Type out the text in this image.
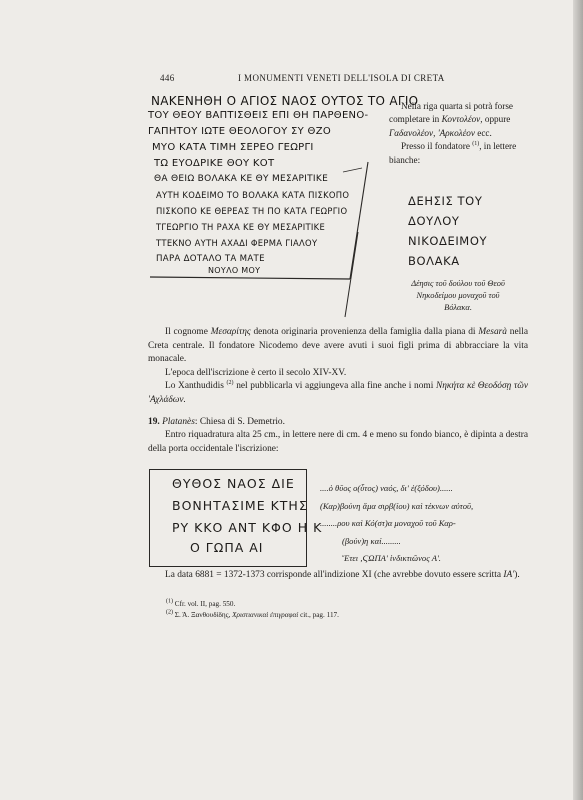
446	I MONUMENTI VENETI DELL'ISOLA DI CRETA
ΝΑΚΕΝΗΘΗ Ο ΑΓΙΟΣ ΝΑΟΣ ΟΥΤΟΣ ΤΟ ΑΓΙΟ
ΤΟΥ ΘΕΟΥ ΒΑΠΤΙΣΘΕΙΣ ΕΠΙ ΘΗ ΠΑΡΘΕΝΟ-
ΓΑΠΗΤΟΥ ΙΩΤΕ ΘΕΟΛΟΓΟΥ ΣΥ ΘΖΟ
ΜΥΟ ΚΑΤΑ ΤΙΜΗ ΣΕΡΕΟ ΓΕΩΡΓΙ
ΤΩ ΕΥΟΔΡΙΚΕ ΘΟΥ ΚΟΤ
ΘΑ ΘΕΙΩ ΒΟΛΑΚΑ ΚΕ ΘΥ ΜΕΣΑΡΙΤΙΚΕ
ΑΥΤΗ ΚΟΔΕΙΜΟ ΤΟ ΒΟΛΑΚΑ ΚΑΤΑ ΠΙΣΚΟΠΟ
ΠΙΣΚΟΠΟ ΚΕ ΘΕΡΕΑΣ ΤΗ ΠΟ ΚΑΤΑ ΓΕΩΡΓΙΟ
ΤΓΕΩΡΓΙΟ ΤΗ ΡΑΧΑ ΚΕ ΘΥ ΜΕΣΑΡΙΤΙΚΕ
ΤΤΕΚΝΟ ΑΥΤΗ ΑΧΑΔΙ ΦΕΡΜΑ ΓΙΑΛΟΥ
ΠΑΡΑ ΔΟΤΑΛΟ ΤΑ ΜΑΤΕ
ΝΟΥΛΟ ΜΟΥ

Nella riga quarta si potrà forse completare in Κοντολέον, oppure Γαδανολέον, 'Αρκολέον ecc.

Presso il fondatore $^{(1)}$, in lettere bianche:

ΔΕΗΣΙΣ ΤΟΥ
ΔΟΥΛΟΥ
ΝΙΚΟΔΕΙΜΟΥ
ΒΟΛΑΚΑ
Δέησις τοῦ δούλου τοῦ Θεοῦ
Νηκοδείμου μοναχοῦ τοῦ
Βόλακα.

Il cognome Μεσαρίτης denota originaria provenienza della famiglia dalla piana di Mesarà nella Creta centrale. Il fondatore Nicodemo deve avere avuti i suoi figli prima di abbracciare la vita monacale.

L'epoca dell'iscrizione è certo il secolo XIV-XV.

Lo Xanthudidis $^{(2)}$ nel pubblicarla vi aggiungeva alla fine anche i nomi Νηκήτα κὲ Θεοδόσῃ τῶν 'Αχλάδων.

19. Platanès: Chiesa di S. Demetrio.

Entro riquadratura alta 25 cm., in lettere nere di cm. 4 e meno su fondo bianco, è dipinta a destra della porta occidentale l'iscrizione:

ΘΥΘΟΣ ΝΑΟΣ ΔΙΕ
ΒΟΝΗΤΑΣΙΜΕ ΚΤΗΣ
ΡΥ ΚΚΟ ΑΝΤ ΚΦΟ Η Κ
Ο ΓΩΠΑ ΑΙ
....ὁ θῦος ο(ὗτος) ναός, δι' ἐ(ξόδου)......
(Καρ)βούνη ἅμα σιρβ(ίου) καὶ τέκνων αὐτοῦ,
........ρου καὶ Κό(στ)α μοναχοῦ τοῦ Καρ-
(βούν)η καί.........
Ἔτει ,ϚΩΠΑ' ἰνδικτιῶνος Α'.

La data 6881 = 1372-1373 corrisponde all'indizione XI (che avrebbe dovuto essere scritta ΙΑ').

$^{(1)}$ Cfr. vol. II, pag. 550.
$^{(2)}$ Σ. Ά. Ξανθουδίδης, Χριστιανικαὶ ἐπιγραφαί cit., pag. 117.
